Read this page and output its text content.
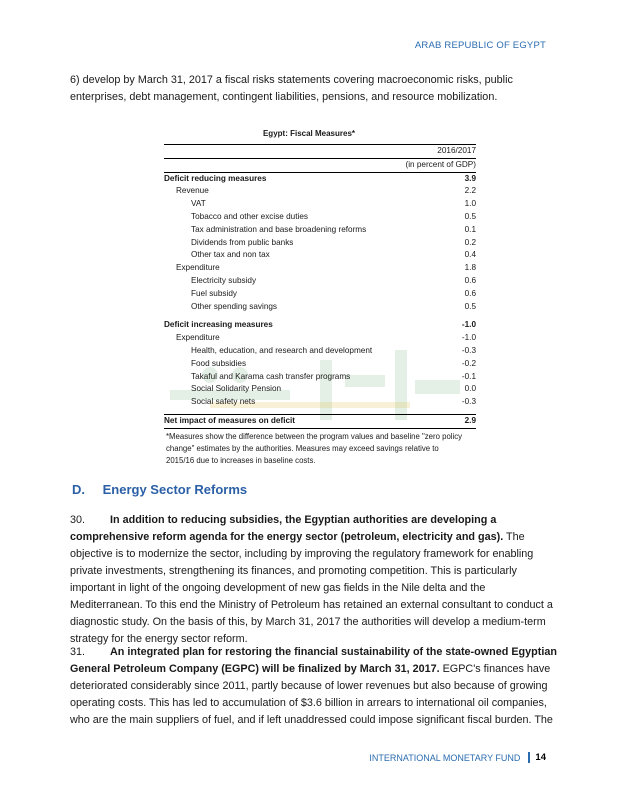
ARAB REPUBLIC OF EGYPT
6) develop by March 31, 2017 a fiscal risks statements covering macroeconomic risks, public enterprises, debt management, contingent liabilities, pensions, and resource mobilization.
Egypt: Fiscal Measures*
2016/2017
(in percent of GDP)
Deficit reducing measures	3.9
Revenue	2.2
VAT	1.0
Tobacco and other excise duties	0.5
Tax administration and base broadening reforms	0.1
Dividends from public banks	0.2
Other tax and non tax	0.4
Expenditure	1.8
Electricity subsidy	0.6
Fuel subsidy	0.6
Other spending savings	0.5
Deficit increasing measures	-1.0
Expenditure	-1.0
Health, education, and research and development	-0.3
Food subsidies	-0.2
Takaful and Karama cash transfer programs	-0.1
Social Solidarity Pension	0.0
Social safety nets	-0.3
Net impact of measures on deficit	2.9
*Measures show the difference between the program values and baseline "zero policy change" estimates by the authorities. Measures may exceed savings relative to 2015/16 due to increases in baseline costs.
D. Energy Sector Reforms
30. In addition to reducing subsidies, the Egyptian authorities are developing a comprehensive reform agenda for the energy sector (petroleum, electricity and gas). The objective is to modernize the sector, including by improving the regulatory framework for enabling private investments, strengthening its finances, and promoting competition. This is particularly important in light of the ongoing development of new gas fields in the Nile delta and the Mediterranean. To this end the Ministry of Petroleum has retained an external consultant to conduct a diagnostic study. On the basis of this, by March 31, 2017 the authorities will develop a medium-term strategy for the energy sector reform.
31. An integrated plan for restoring the financial sustainability of the state-owned Egyptian General Petroleum Company (EGPC) will be finalized by March 31, 2017. EGPC's finances have deteriorated considerably since 2011, partly because of lower revenues but also because of growing operating costs. This has led to accumulation of $3.6 billion in arrears to international oil companies, who are the main suppliers of fuel, and if left unaddressed could impose significant fiscal burden. The
INTERNATIONAL MONETARY FUND	14
